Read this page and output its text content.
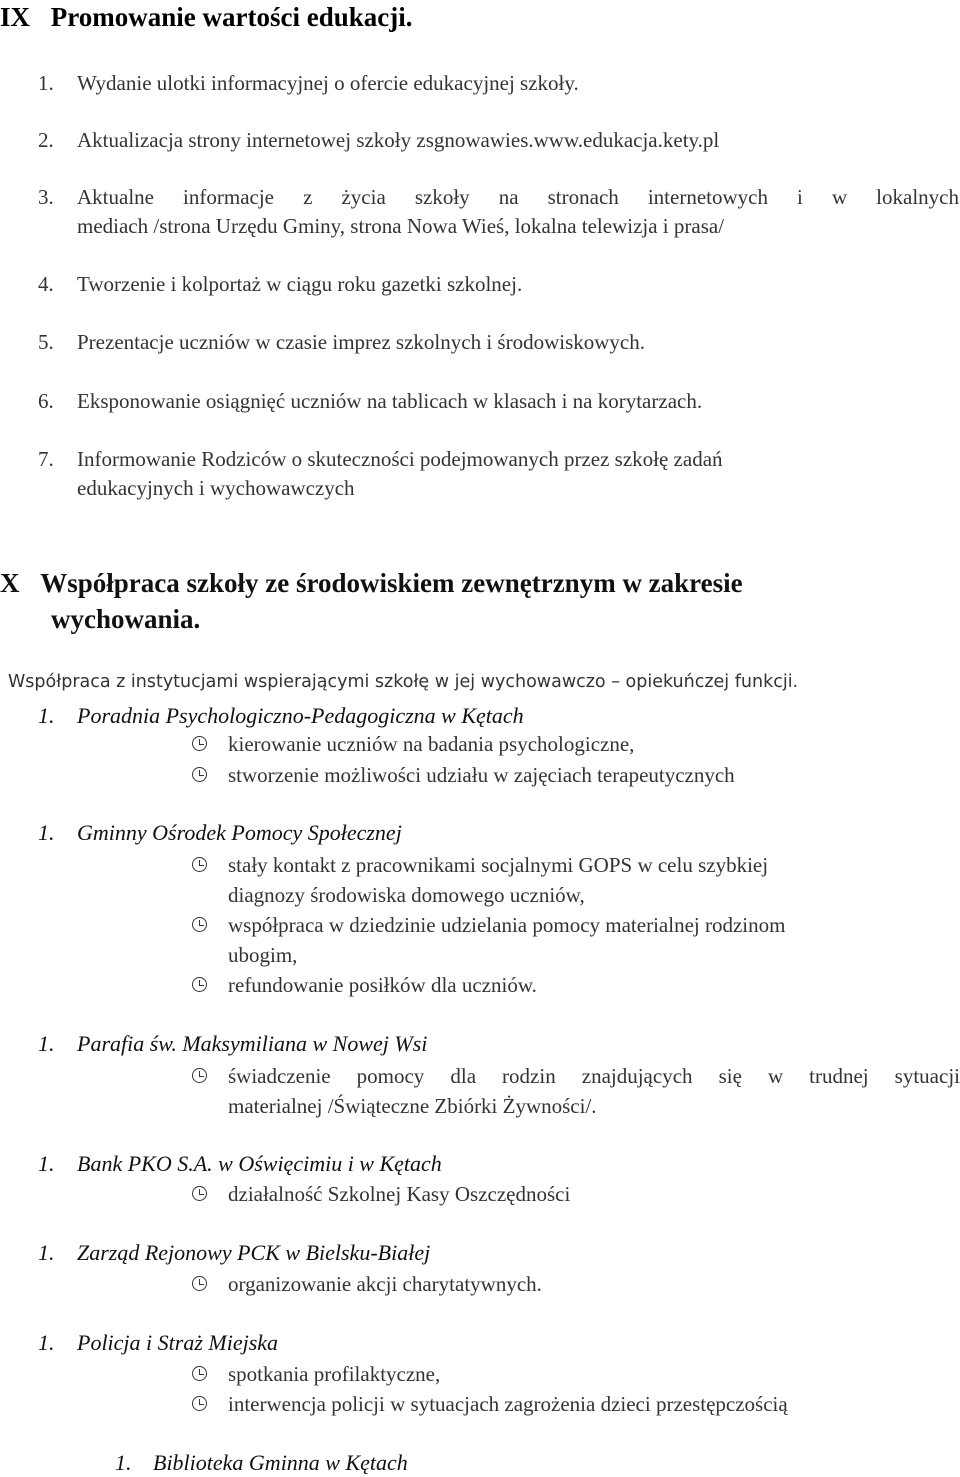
IX Promowanie wartości edukacji.
1. Wydanie ulotki informacyjnej o ofercie edukacyjnej szkoły.
2. Aktualizacja strony internetowej szkoły zsgnowawies.www.edukacja.kety.pl
3. Aktualne informacje z życia szkoły na stronach internetowych i w lokalnych
mediach /strona Urzędu Gminy, strona Nowa Wieś, lokalna telewizja i prasa/
4. Tworzenie i kolportaż w ciągu roku gazetki szkolnej.
5. Prezentacje uczniów w czasie imprez szkolnych i środowiskowych.
6. Eksponowanie osiągnięć uczniów na tablicach w klasach i na korytarzach.
7. Informowanie Rodziców o skuteczności podejmowanych przez szkołę zadań
edukacyjnych i wychowawczych
X Współpraca szkoły ze środowiskiem zewnętrznym w zakresie
wychowania.
Współpraca z instytucjami wspierającymi szkołę w jej wychowawczo – opiekuńczej funkcji.
1. Poradnia Psychologiczno-Pedagogiczna w Kętach
kierowanie uczniów na badania psychologiczne,
stworzenie możliwości udziału w zajęciach terapeutycznych
1. Gminny Ośrodek Pomocy Społecznej
stały kontakt z pracownikami socjalnymi GOPS w celu szybkiej
diagnozy środowiska domowego uczniów,
współpraca w dziedzinie udzielania pomocy materialnej rodzinom
ubogim,
refundowanie posiłków dla uczniów.
1. Parafia św. Maksymiliana w Nowej Wsi
świadczenie pomocy dla rodzin znajdujących się w trudnej sytuacji
materialnej /Świąteczne Zbiórki Żywności/.
1. Bank PKO S.A. w Oświęcimiu i w Kętach
działalność Szkolnej Kasy Oszczędności
1. Zarząd Rejonowy PCK w Bielsku-Białej
organizowanie akcji charytatywnych.
1. Policja i Straż Miejska
spotkania profilaktyczne,
interwencja policji w sytuacjach zagrożenia dzieci przestępczością
1. Biblioteka Gminna w Kętach
